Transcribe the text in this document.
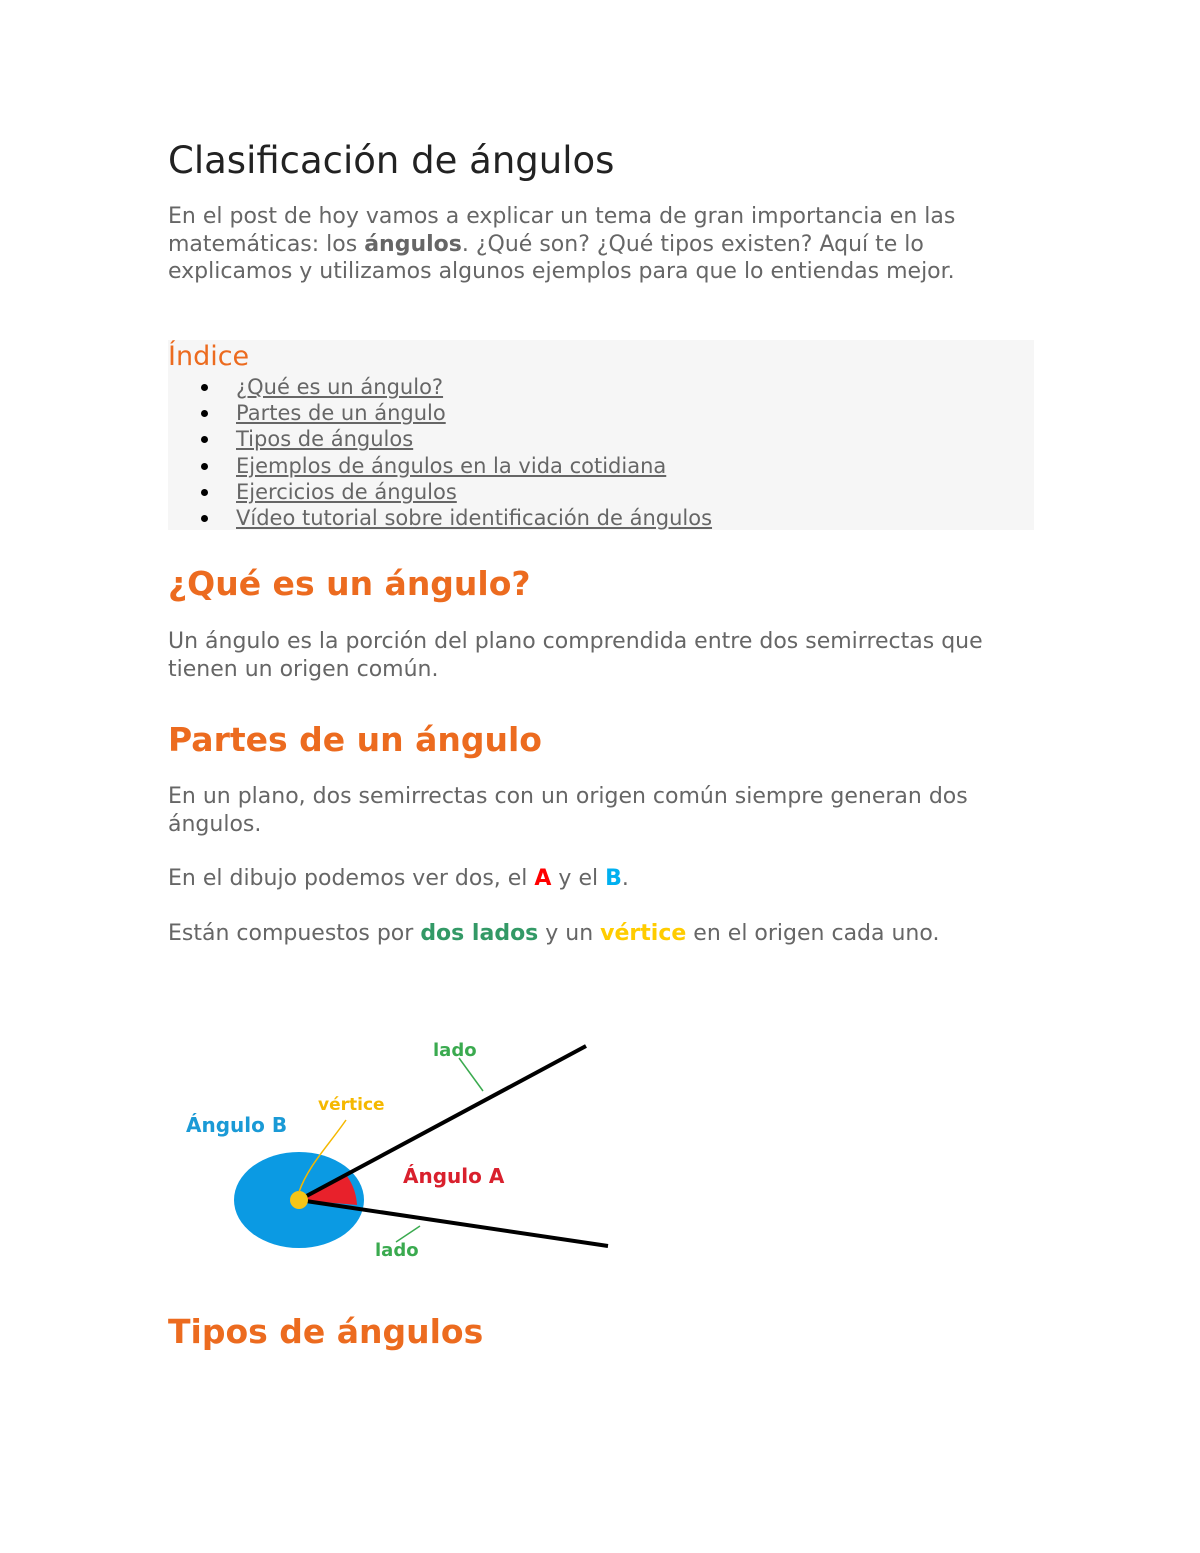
Clasificación de ángulos

En el post de hoy vamos a explicar un tema de gran importancia en las matemáticas: los ángulos. ¿Qué son? ¿Qué tipos existen? Aquí te lo explicamos y utilizamos algunos ejemplos para que lo entiendas mejor.

Índice
¿Qué es un ángulo?
Partes de un ángulo
Tipos de ángulos
Ejemplos de ángulos en la vida cotidiana
Ejercicios de ángulos
Vídeo tutorial sobre identificación de ángulos
¿Qué es un ángulo?

Un ángulo es la porción del plano comprendida entre dos semirrectas que tienen un origen común.

Partes de un ángulo

En un plano, dos semirrectas con un origen común siempre generan dos ángulos.

En el dibujo podemos ver dos, el A y el B.

Están compuestos por dos lados y un vértice en el origen cada uno.

lado
vértice
Ángulo B
Ángulo A
lado
Tipos de ángulos
